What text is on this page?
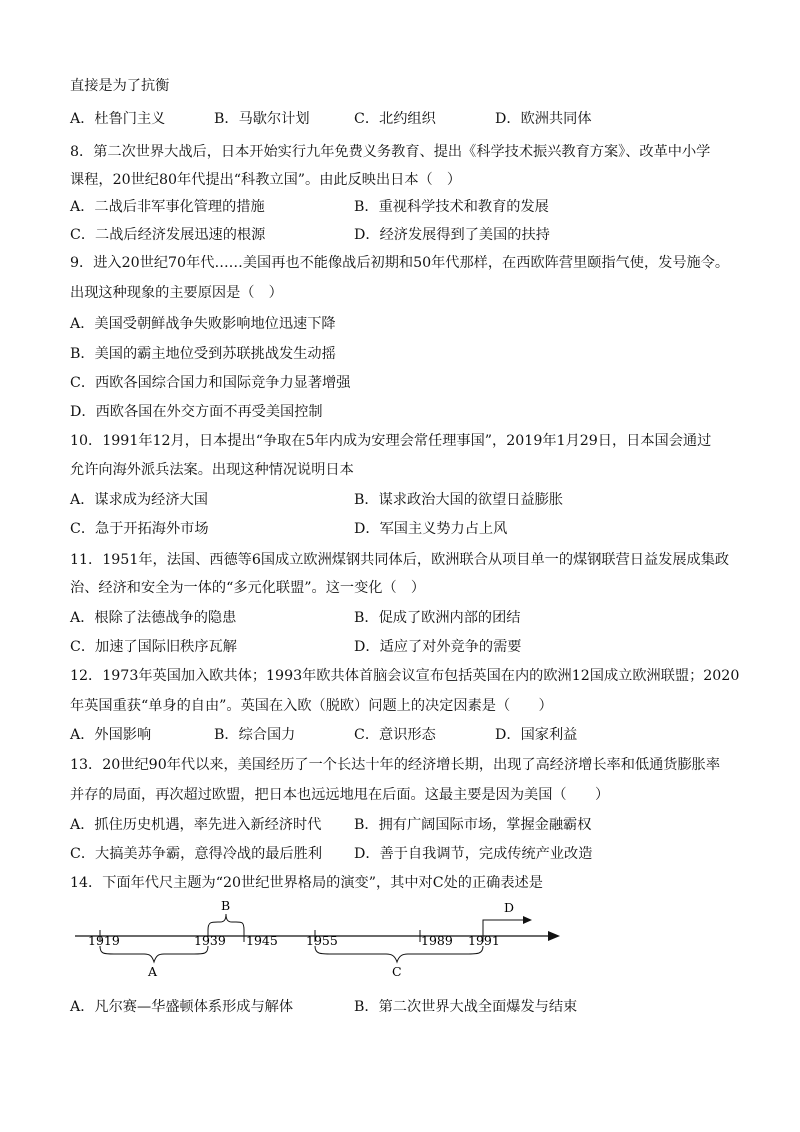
直接是为了抗衡
A．杜鲁门主义	B．马歇尔计划	C．北约组织	D．欧洲共同体
8．第二次世界大战后，日本开始实行九年免费义务教育、提出《科学技术振兴教育方案》、改革中小学
课程，20世纪80年代提出“科教立国”。由此反映出日本（　）
A．二战后非军事化管理的措施	B．重视科学技术和教育的发展
C．二战后经济发展迅速的根源	D．经济发展得到了美国的扶持
9．进入20世纪70年代……美国再也不能像战后初期和50年代那样，在西欧阵营里颐指气使，发号施令。
出现这种现象的主要原因是（　）
A．美国受朝鲜战争失败影响地位迅速下降
B．美国的霸主地位受到苏联挑战发生动摇
C．西欧各国综合国力和国际竞争力显著增强
D．西欧各国在外交方面不再受美国控制
10．1991年12月，日本提出“争取在5年内成为安理会常任理事国”，2019年1月29日，日本国会通过
允许向海外派兵法案。出现这种情况说明日本
A．谋求成为经济大国	B．谋求政治大国的欲望日益膨胀
C．急于开拓海外市场	D．军国主义势力占上风
11．1951年，法国、西德等6国成立欧洲煤钢共同体后，欧洲联合从项目单一的煤钢联营日益发展成集政
治、经济和安全为一体的“多元化联盟”。这一变化（　）
A．根除了法德战争的隐患	B．促成了欧洲内部的团结
C．加速了国际旧秩序瓦解	D．适应了对外竞争的需要
12．1973年英国加入欧共体；1993年欧共体首脑会议宣布包括英国在内的欧洲12国成立欧洲联盟；2020
年英国重获“单身的自由”。英国在入欧（脱欧）问题上的决定因素是（　　）
A．外国影响	B．综合国力	C．意识形态	D．国家利益
13．20世纪90年代以来，美国经历了一个长达十年的经济增长期，出现了高经济增长率和低通货膨胀率
并存的局面，再次超过欧盟，把日本也远远地甩在后面。这最主要是因为美国（　　）
A．抓住历史机遇，率先进入新经济时代 B．拥有广阔国际市场，掌握金融霸权
C．大搞美苏争霸，意得冷战的最后胜利 D．善于自我调节，完成传统产业改造
14．下面年代尺主题为“20世纪世界格局的演变”，其中对C处的正确表述是
1919	1939 1945 1955	1989 1991
B
A	C
D
A．凡尔赛—华盛顿体系形成与解体	B．第二次世界大战全面爆发与结束
